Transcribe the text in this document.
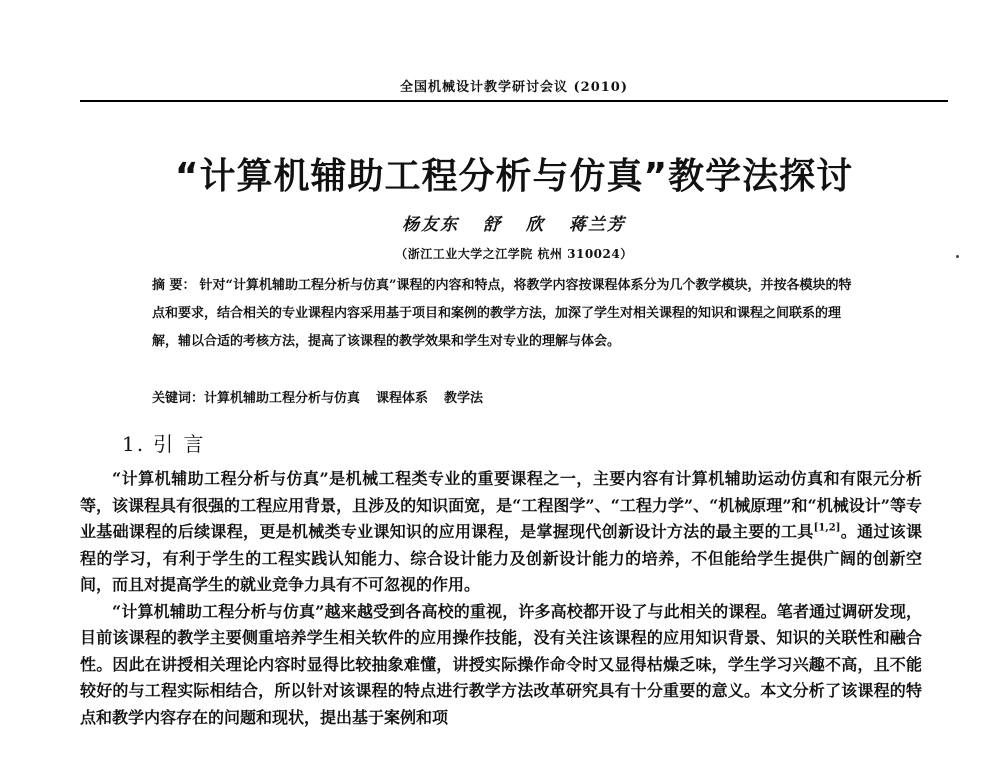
全国机械设计教学研讨会议 (2010)
“计算机辅助工程分析与仿真”教学法探讨
杨友东 舒 欣 蒋兰芳
（浙江工业大学之江学院 杭州 310024）
摘 要： 针对“计算机辅助工程分析与仿真”课程的内容和特点，将教学内容按课程体系分为几个教学模块，并按各模块的特点和要求，结合相关的专业课程内容采用基于项目和案例的教学方法，加深了学生对相关课程的知识和课程之间联系的理解，辅以合适的考核方法，提高了该课程的教学效果和学生对专业的理解与体会。
关键词：计算机辅助工程分析与仿真 课程体系 教学法
1. 引 言

“计算机辅助工程分析与仿真”是机械工程类专业的重要课程之一，主要内容有计算机辅助运动仿真和有限元分析等，该课程具有很强的工程应用背景，且涉及的知识面宽，是“工程图学”、“工程力学”、“机械原理”和“机械设计”等专业基础课程的后续课程，更是机械类专业课知识的应用课程，是掌握现代创新设计方法的最主要的工具[1,2]。通过该课程的学习，有利于学生的工程实践认知能力、综合设计能力及创新设计能力的培养，不但能给学生提供广阔的创新空间，而且对提高学生的就业竞争力具有不可忽视的作用。

“计算机辅助工程分析与仿真”越来越受到各高校的重视，许多高校都开设了与此相关的课程。笔者通过调研发现，目前该课程的教学主要侧重培养学生相关软件的应用操作技能，没有关注该课程的应用知识背景、知识的关联性和融合性。因此在讲授相关理论内容时显得比较抽象难懂，讲授实际操作命令时又显得枯燥乏味，学生学习兴趣不高，且不能较好的与工程实际相结合，所以针对该课程的特点进行教学方法改革研究具有十分重要的意义。本文分析了该课程的特点和教学内容存在的问题和现状，提出基于案例和项
